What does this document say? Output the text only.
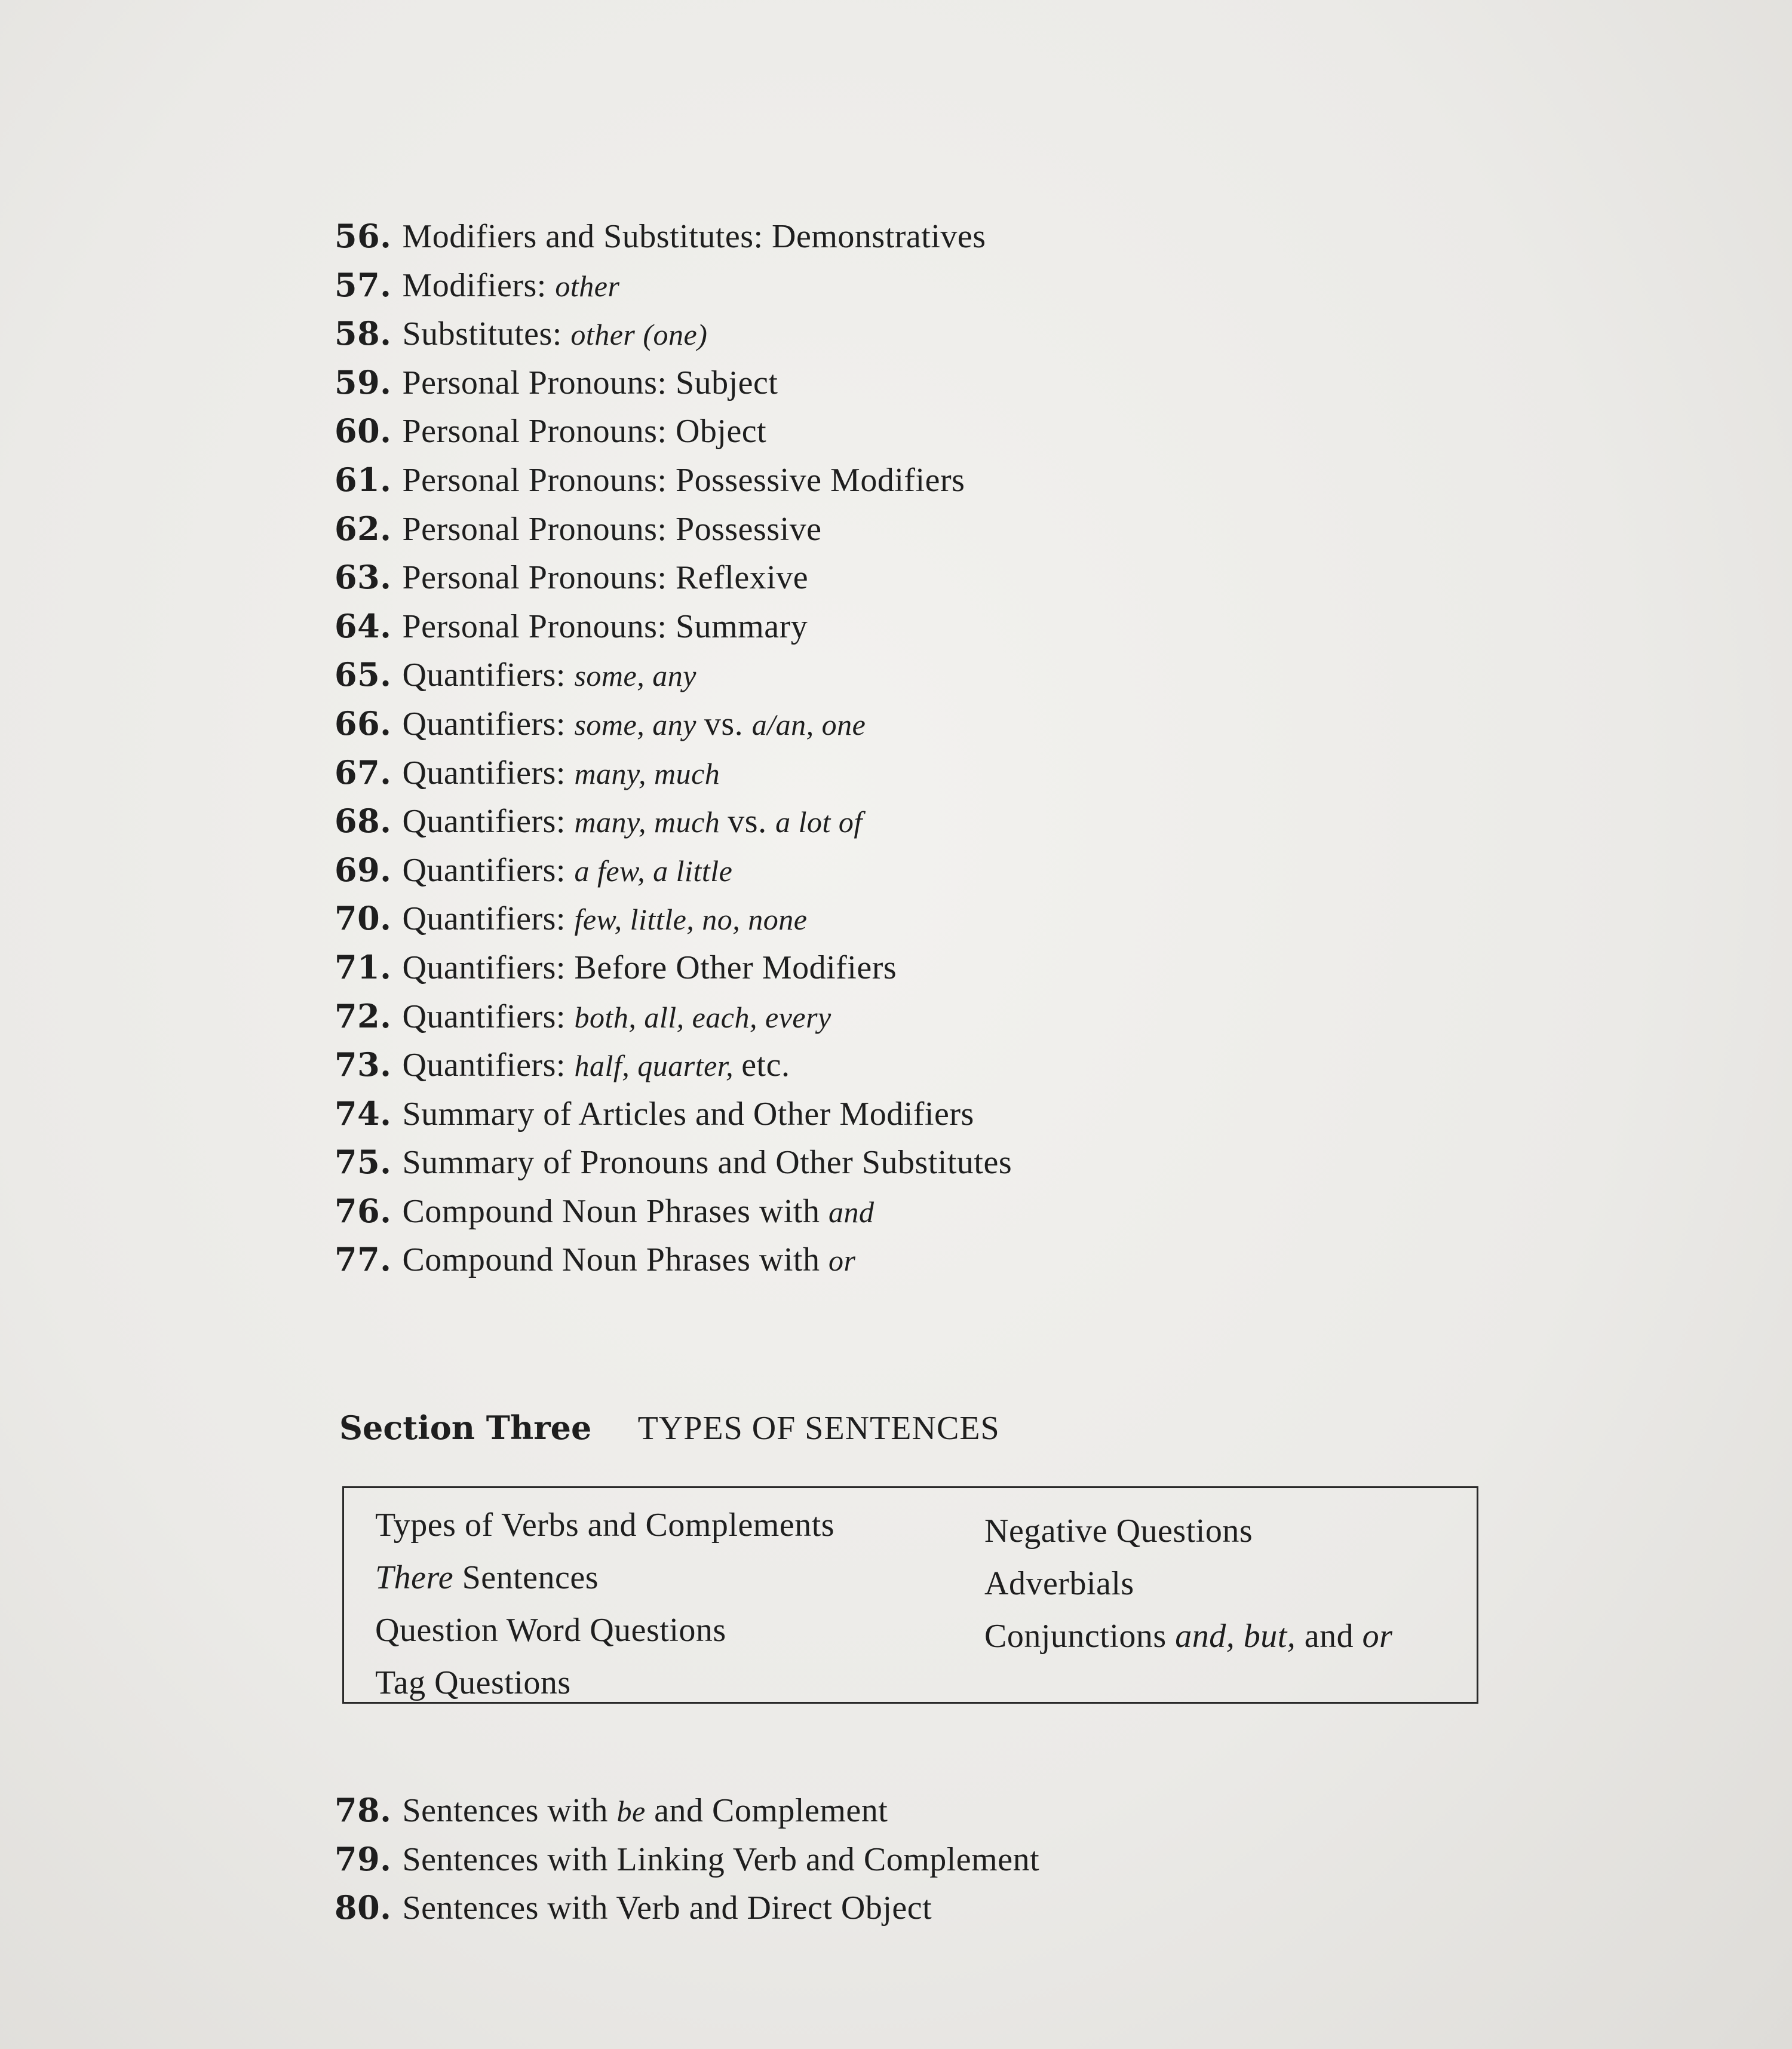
56. Modifiers and Substitutes: Demonstratives
57. Modifiers: other
58. Substitutes: other (one)
59. Personal Pronouns: Subject
60. Personal Pronouns: Object
61. Personal Pronouns: Possessive Modifiers
62. Personal Pronouns: Possessive
63. Personal Pronouns: Reflexive
64. Personal Pronouns: Summary
65. Quantifiers: some, any
66. Quantifiers: some, any vs. a/an, one
67. Quantifiers: many, much
68. Quantifiers: many, much vs. a lot of
69. Quantifiers: a few, a little
70. Quantifiers: few, little, no, none
71. Quantifiers: Before Other Modifiers
72. Quantifiers: both, all, each, every
73. Quantifiers: half, quarter, etc.
74. Summary of Articles and Other Modifiers
75. Summary of Pronouns and Other Substitutes
76. Compound Noun Phrases with and
77. Compound Noun Phrases with or
Section Three TYPES OF SENTENCES
Types of Verbs and Complements
There Sentences
Question Word Questions
Tag Questions
Negative Questions
Adverbials
Conjunctions and, but, and or
78. Sentences with be and Complement
79. Sentences with Linking Verb and Complement
80. Sentences with Verb and Direct Object
